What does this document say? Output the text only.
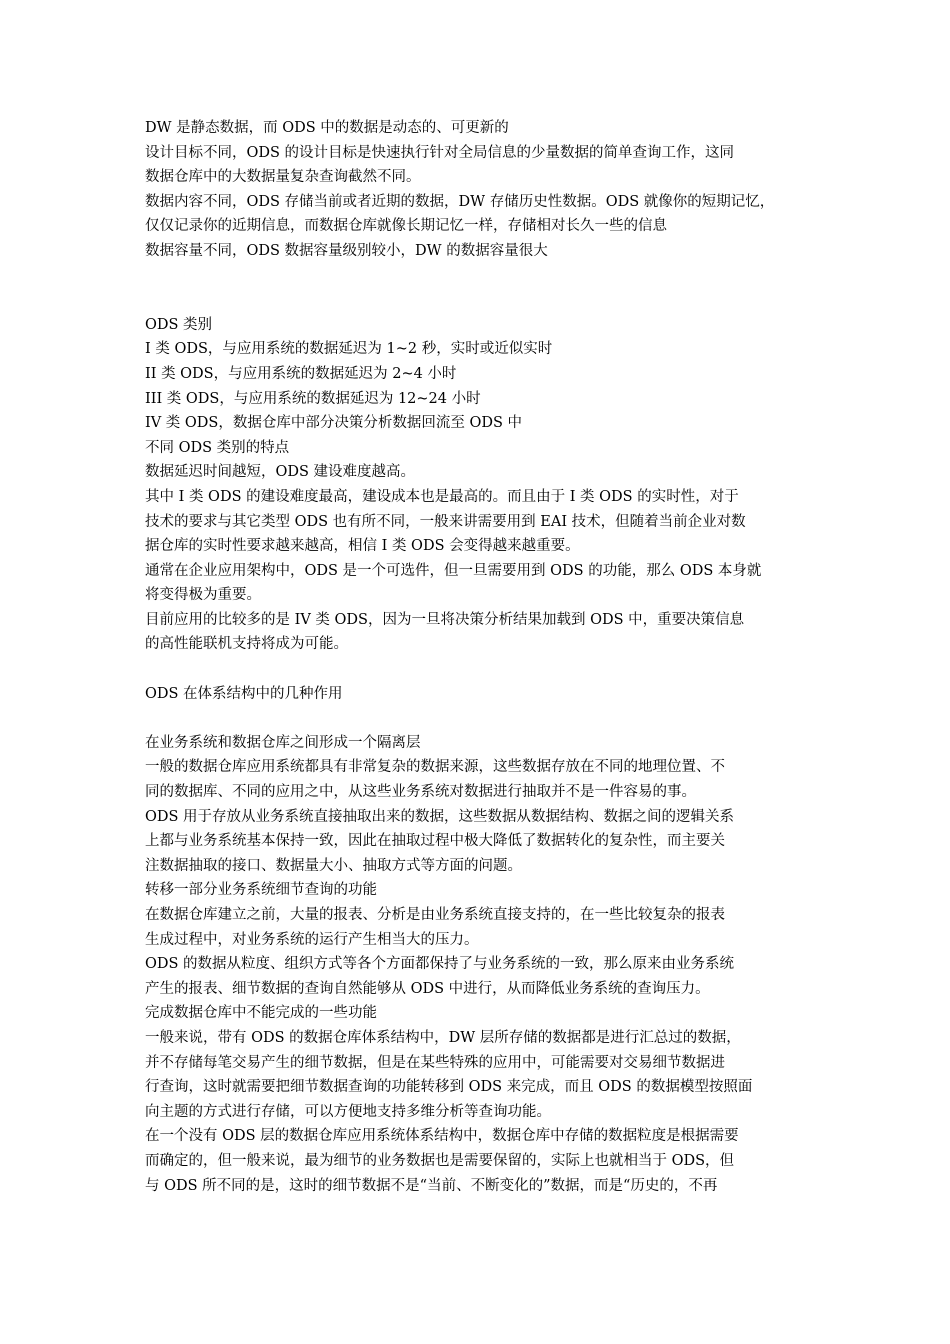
DW 是静态数据，而 ODS 中的数据是动态的、可更新的
设计目标不同，ODS 的设计目标是快速执行针对全局信息的少量数据的简单查询工作，这同
数据仓库中的大数据量复杂查询截然不同。
数据内容不同，ODS 存储当前或者近期的数据，DW 存储历史性数据。ODS 就像你的短期记忆，
仅仅记录你的近期信息，而数据仓库就像长期记忆一样，存储相对长久一些的信息
数据容量不同，ODS 数据容量级别较小，DW 的数据容量很大
ODS 类别
I 类 ODS，与应用系统的数据延迟为 1~2 秒，实时或近似实时
II 类 ODS，与应用系统的数据延迟为 2~4 小时
III 类 ODS，与应用系统的数据延迟为 12~24 小时
IV 类 ODS，数据仓库中部分决策分析数据回流至 ODS 中
不同 ODS 类别的特点
数据延迟时间越短，ODS 建设难度越高。
其中 I 类 ODS 的建设难度最高，建设成本也是最高的。而且由于 I 类 ODS 的实时性，对于
技术的要求与其它类型 ODS 也有所不同，一般来讲需要用到 EAI 技术，但随着当前企业对数
据仓库的实时性要求越来越高，相信 I 类 ODS 会变得越来越重要。
通常在企业应用架构中，ODS 是一个可选件，但一旦需要用到 ODS 的功能，那么 ODS 本身就
将变得极为重要。
目前应用的比较多的是 IV 类 ODS，因为一旦将决策分析结果加载到 ODS 中，重要决策信息
的高性能联机支持将成为可能。
ODS 在体系结构中的几种作用
在业务系统和数据仓库之间形成一个隔离层
一般的数据仓库应用系统都具有非常复杂的数据来源，这些数据存放在不同的地理位置、不
同的数据库、不同的应用之中，从这些业务系统对数据进行抽取并不是一件容易的事。
ODS 用于存放从业务系统直接抽取出来的数据，这些数据从数据结构、数据之间的逻辑关系
上都与业务系统基本保持一致，因此在抽取过程中极大降低了数据转化的复杂性，而主要关
注数据抽取的接口、数据量大小、抽取方式等方面的问题。
转移一部分业务系统细节查询的功能
在数据仓库建立之前，大量的报表、分析是由业务系统直接支持的，在一些比较复杂的报表
生成过程中，对业务系统的运行产生相当大的压力。
ODS 的数据从粒度、组织方式等各个方面都保持了与业务系统的一致，那么原来由业务系统
产生的报表、细节数据的查询自然能够从 ODS 中进行，从而降低业务系统的查询压力。
完成数据仓库中不能完成的一些功能
一般来说，带有 ODS 的数据仓库体系结构中，DW 层所存储的数据都是进行汇总过的数据，
并不存储每笔交易产生的细节数据，但是在某些特殊的应用中，可能需要对交易细节数据进
行查询，这时就需要把细节数据查询的功能转移到 ODS 来完成，而且 ODS 的数据模型按照面
向主题的方式进行存储，可以方便地支持多维分析等查询功能。
在一个没有 ODS 层的数据仓库应用系统体系结构中，数据仓库中存储的数据粒度是根据需要
而确定的，但一般来说，最为细节的业务数据也是需要保留的，实际上也就相当于 ODS，但
与 ODS 所不同的是，这时的细节数据不是“当前、不断变化的”数据，而是“历史的，不再
